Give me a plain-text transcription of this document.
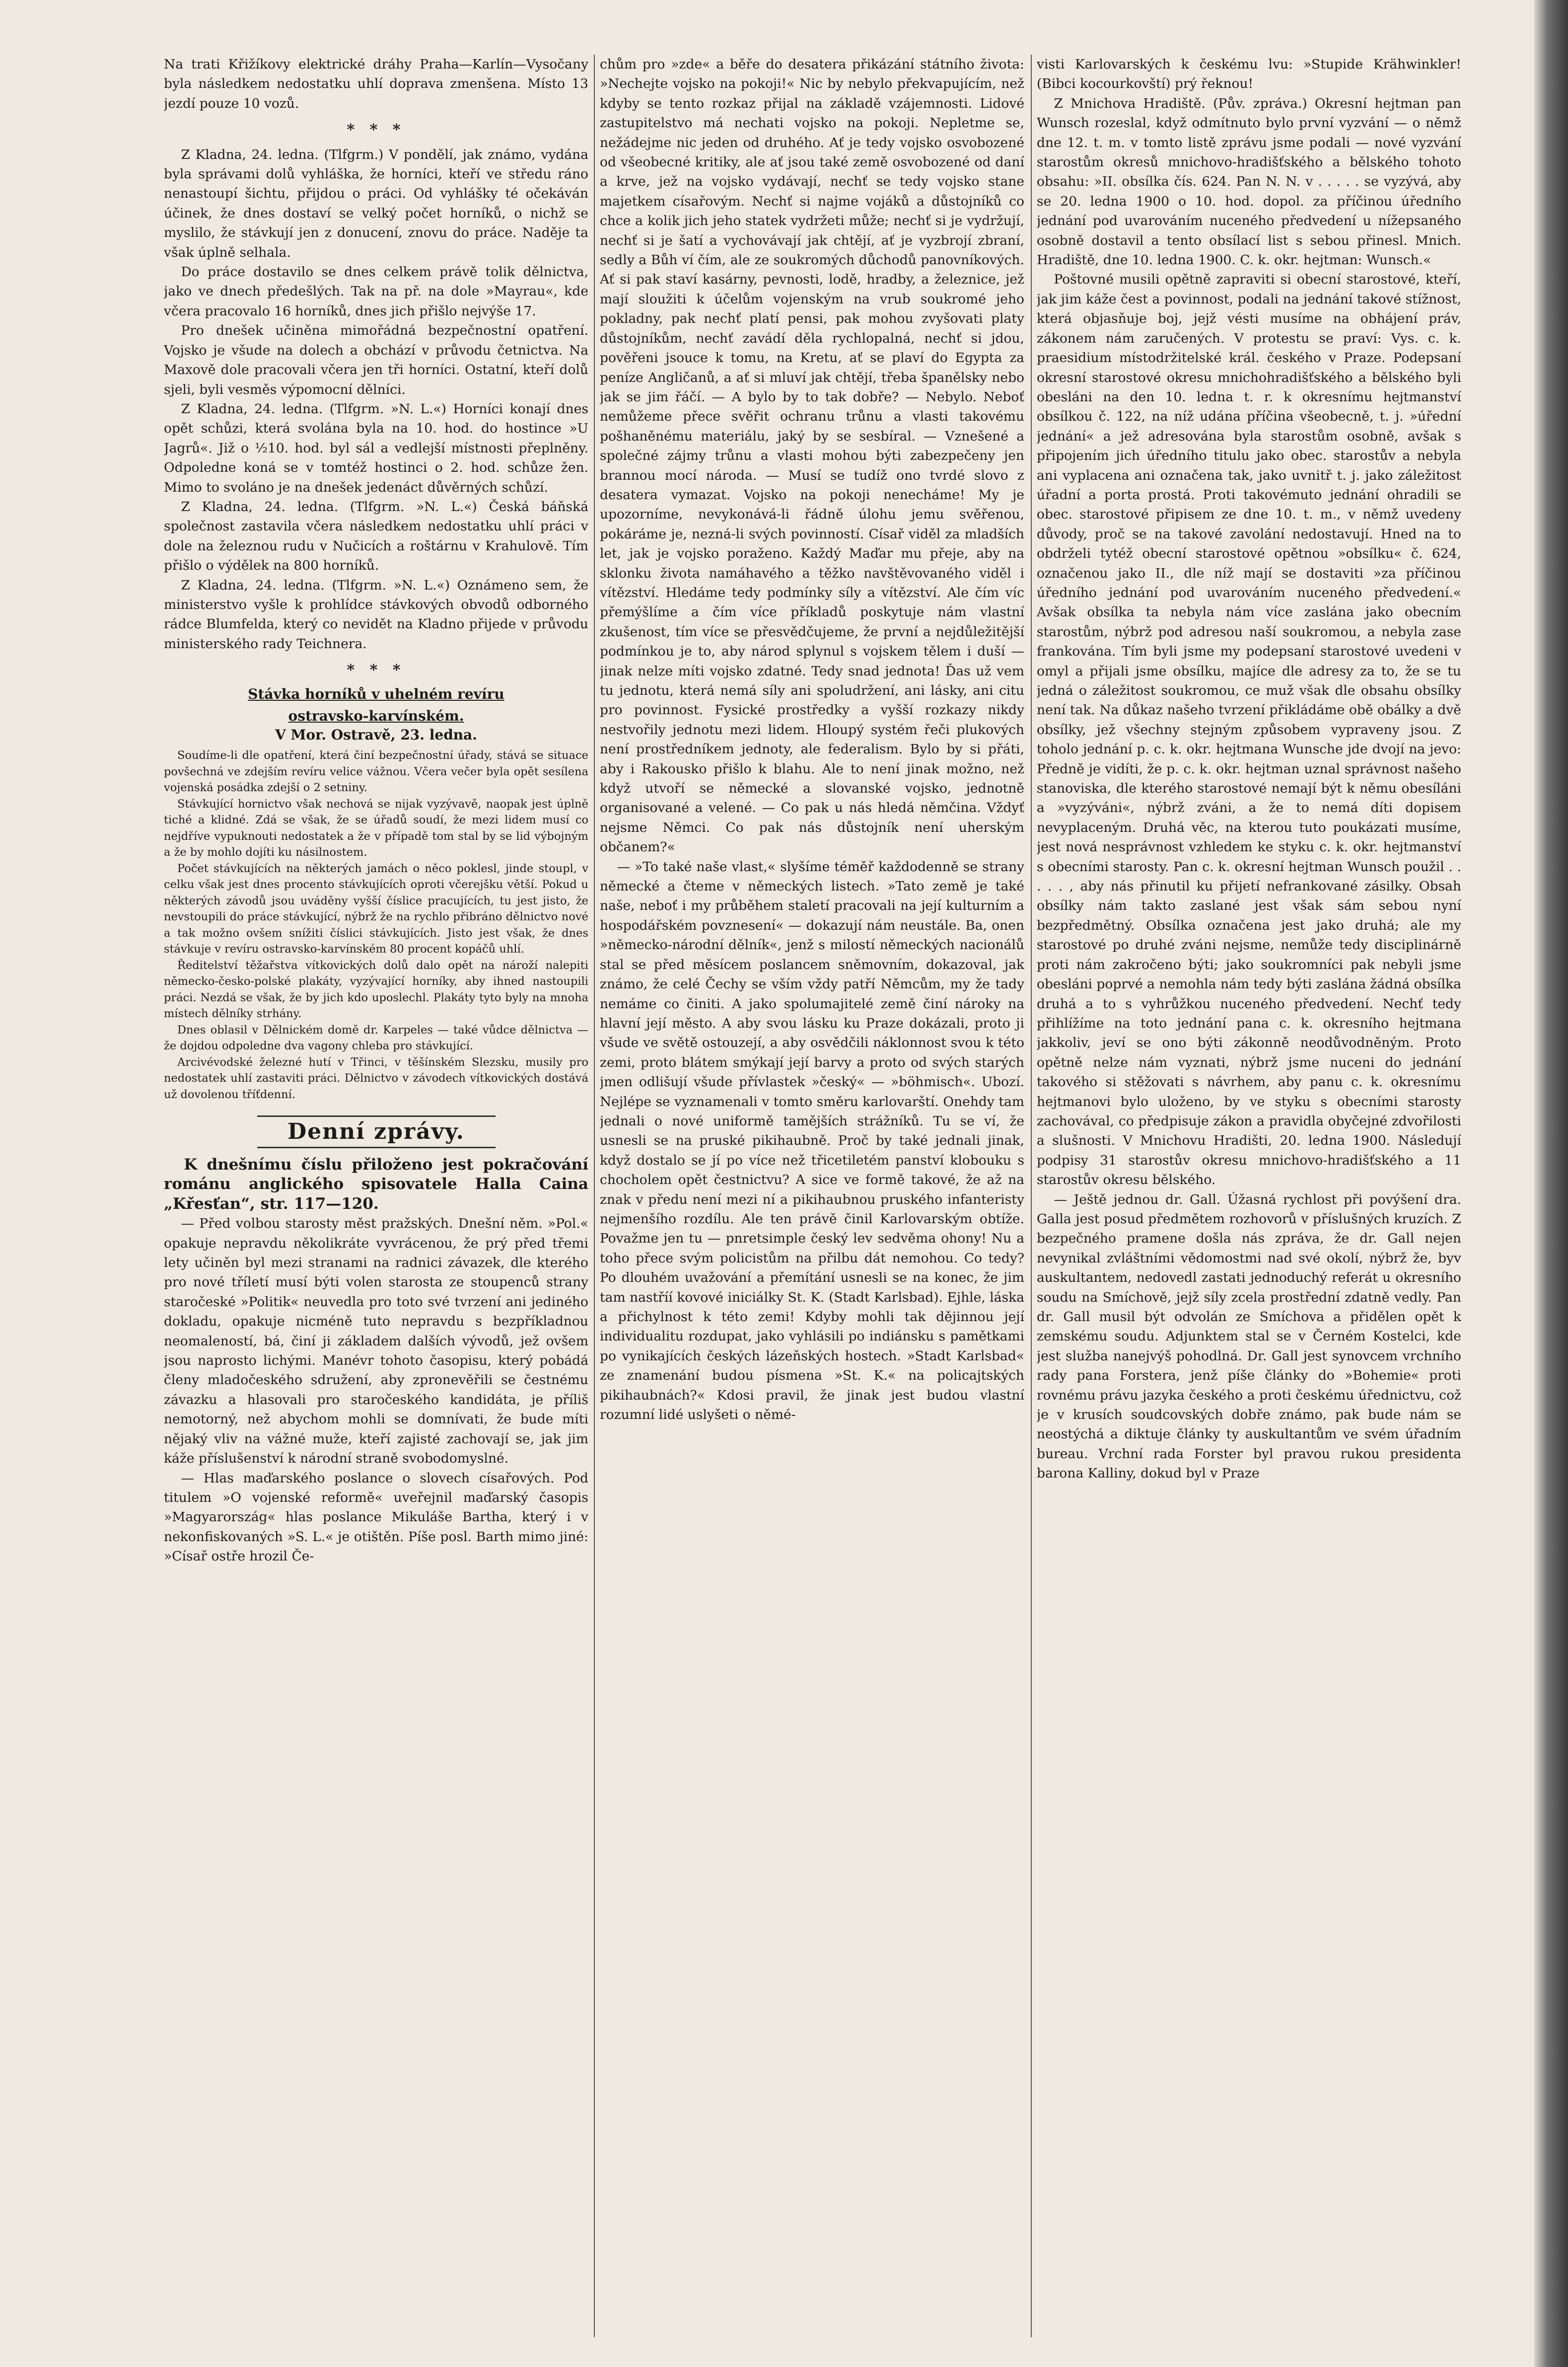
Na trati Křižíkovy elektrické dráhy Praha—Karlín—Vysočany byla následkem nedostatku uhlí doprava zmenšena. Místo 13 jezdí pouze 10 vozů.

* * *

Z Kladna, 24. ledna. (Tlfgrm.) V pondělí, jak známo, vydána byla správami dolů vyhláška, že horníci, kteří ve středu ráno nenastoupí šichtu, přijdou o práci. Od vyhlášky té očekáván účinek, že dnes dostaví se velký počet horníků, o nichž se myslilo, že stávkují jen z donucení, znovu do práce. Naděje ta však úplně selhala.

Do práce dostavilo se dnes celkem právě tolik dělnictva, jako ve dnech předešlých. Tak na př. na dole »Mayrau«, kde včera pracovalo 16 horníků, dnes jich přišlo nejvýše 17.

Pro dnešek učiněna mimořádná bezpečnostní opatření. Vojsko je všude na dolech a obchází v průvodu četnictva. Na Maxově dole pracovali včera jen tři horníci. Ostatní, kteří dolů sjeli, byli vesměs výpomocní dělníci.

Z Kladna, 24. ledna. (Tlfgrm. »N. L.«) Horníci konají dnes opět schůzi, která svolána byla na 10. hod. do hostince »U Jagrů«. Již o ½10. hod. byl sál a vedlejší místnosti přeplněny. Odpoledne koná se v tomtéž hostinci o 2. hod. schůze žen. Mimo to svoláno je na dnešek jedenáct důvěrných schůzí.

Z Kladna, 24. ledna. (Tlfgrm. »N. L.«) Česká báňská společnost zastavila včera následkem nedostatku uhlí práci v dole na železnou rudu v Nučicích a roštárnu v Krahulově. Tím přišlo o výdělek na 800 horníků.

Z Kladna, 24. ledna. (Tlfgrm. »N. L.«) Oznámeno sem, že ministerstvo vyšle k prohlídce stávkových obvodů odborného rádce Blumfelda, který co nevidět na Kladno přijede v průvodu ministerského rady Teichnera.

* * *
Stávka horníků v uhelném revíru
ostravsko-karvínském.
V Mor. Ostravě, 23. ledna.

Soudíme-li dle opatření, která činí bezpečnostní úřady, stává se situace povšechná ve zdejším revíru velice vážnou. Včera večer byla opět sesílena vojenská posádka zdejší o 2 setniny.

Stávkující hornictvo však nechová se nijak vyzývavě, naopak jest úplně tiché a klidné. Zdá se však, že se úřadů soudí, že mezi lidem musí co nejdříve vypuknouti nedostatek a že v případě tom stal by se lid výbojným a že by mohlo dojíti ku násilnostem.

Počet stávkujících na některých jamách o něco poklesl, jinde stoupl, v celku však jest dnes procento stávkujících oproti včerejšku větší. Pokud u některých závodů jsou uváděny vyšší číslice pracujících, tu jest jisto, že nevstoupili do práce stávkující, nýbrž že na rychlo přibráno dělnictvo nové a tak možno ovšem snížiti číslici stávkujících. Jisto jest však, že dnes stávkuje v revíru ostravsko-karvínském 80 procent kopáčů uhlí.

Ředitelství těžařstva vítkovických dolů dalo opět na nároží nalepiti německo-česko-polské plakáty, vyzývající horníky, aby ihned nastoupili práci. Nezdá se však, že by jich kdo uposlechl. Plakáty tyto byly na mnoha místech dělníky strhány.

Dnes oblasil v Dělnickém domě dr. Karpeles — také vůdce dělnictva — že dojdou odpoledne dva vagony chleba pro stávkující.

Arcivévodské železné hutí v Třinci, v těšínském Slezsku, musily pro nedostatek uhlí zastaviti práci. Dělnictvo v závodech vítkovických dostává už dovolenou tříťdenní.

Denní zprávy.

K dnešnímu číslu přiloženo jest pokračování románu anglického spisovatele Halla Caina „Křesťan“, str. 117—120.

— Před volbou starosty měst pražských. Dnešní něm. »Pol.« opakuje nepravdu několikráte vyvrácenou, že prý před třemi lety učiněn byl mezi stranami na radnici závazek, dle kterého pro nové tříletí musí býti volen starosta ze stoupenců strany staročeské »Politik« neuvedla pro toto své tvrzení ani jediného dokladu, opakuje nicméně tuto nepravdu s bezpříkladnou neomaleností, bá, činí ji základem dalších vývodů, jež ovšem jsou naprosto lichými. Manévr tohoto časopisu, který pobádá členy mladočeského sdružení, aby zpronevěřili se čestnému závazku a hlasovali pro staročeského kandidáta, je příliš nemotorný, než abychom mohli se domnívati, že bude míti nějaký vliv na vážné muže, kteří zajisté zachovají se, jak jim káže příslušenství k národní straně svobodomyslné.

— Hlas maďarského poslance o slovech císařových. Pod titulem »O vojenské reformě« uveřejnil maďarský časopis »Magyarország« hlas poslance Mikuláše Bartha, který i v nekonfiskovaných »S. L.« je otištěn. Píše posl. Barth mimo jiné: »Císař ostře hrozil Če-

chům pro »zde« a běře do desatera přikázání státního života: »Nechejte vojsko na pokoji!« Nic by nebylo překvapujícím, než kdyby se tento rozkaz přijal na základě vzájemnosti. Lidové zastupitelstvo má nechati vojsko na pokoji. Nepletme se, nežádejme nic jeden od druhého. Ať je tedy vojsko osvobozené od všeobecné kritiky, ale ať jsou také země osvobozené od daní a krve, jež na vojsko vydávají, nechť se tedy vojsko stane majetkem císařovým. Nechť si najme vojáků a důstojníků co chce a kolik jich jeho statek vydržeti může; nechť si je vydržují, nechť si je šatí a vychovávají jak chtějí, ať je vyzbrojí zbraní, sedly a Bůh ví čím, ale ze soukromých důchodů panovníkových. Ať si pak staví kasárny, pevnosti, lodě, hradby, a železnice, jež mají sloužiti k účelům vojenským na vrub soukromé jeho pokladny, pak nechť platí pensi, pak mohou zvyšovati platy důstojníkům, nechť zavádí děla rychlopalná, nechť si jdou, pověřeni jsouce k tomu, na Kretu, ať se plaví do Egypta za peníze Angličanů, a ať si mluví jak chtějí, třeba španělsky nebo jak se jim řáčí. — A bylo by to tak dobře? — Nebylo. Neboť nemůžeme přece svěřit ochranu trůnu a vlasti takovému pošhaněnému materiálu, jaký by se sesbíral. — Vznešené a společné zájmy trůnu a vlasti mohou býti zabezpečeny jen brannou mocí národa. — Musí se tudíž ono tvrdé slovo z desatera vymazat. Vojsko na pokoji nenecháme! My je upozorníme, nevykonává-li řádně úlohu jemu svěřenou, pokáráme je, nezná-li svých povinností. Císař viděl za mladších let, jak je vojsko poraženo. Každý Maďar mu přeje, aby na sklonku života namáhavého a těžko navštěvovaného viděl i vítězství. Hledáme tedy podmínky síly a vítězství. Ale čím víc přemýšlíme a čím více příkladů poskytuje nám vlastní zkušenost, tím více se přesvědčujeme, že první a nejdůležitější podmínkou je to, aby národ splynul s vojskem tělem i duší — jinak nelze míti vojsko zdatné. Tedy snad jednota! Ďas už vem tu jednotu, která nemá síly ani spoludržení, ani lásky, ani citu pro povinnost. Fysické prostředky a vyšší rozkazy nikdy nestvořily jednotu mezi lidem. Hloupý systém řeči plukových není prostředníkem jednoty, ale federalism. Bylo by si přáti, aby i Rakousko přišlo k blahu. Ale to není jinak možno, než když utvoří se německé a slovanské vojsko, jednotně organisované a velené. — Co pak u nás hledá němčina. Vždyť nejsme Němci. Co pak nás důstojník není uherským občanem?«

— »To také naše vlast,« slyšíme téměř každodenně se strany německé a čteme v německých listech. »Tato země je také naše, neboť i my průběhem staletí pracovali na její kulturním a hospodářském povznesení« — dokazují nám neustále. Ba, onen »německo-národní dělník«, jenž s milostí německých nacionálů stal se před měsícem poslancem sněmovním, dokazoval, jak známo, že celé Čechy se vším vždy patří Němcům, my že tady nemáme co činiti. A jako spolumajitelé země činí nároky na hlavní její město. A aby svou lásku ku Praze dokázali, proto ji všude ve světě ostouzejí, a aby osvědčili náklonnost svou k této zemi, proto blátem smýkají její barvy a proto od svých starých jmen odlišují všude přívlastek »český« — »böhmisch«. Ubozí. Nejlépe se vyznamenali v tomto směru karlovarští. Onehdy tam jednali o nové uniformě tamějších strážníků. Tu se ví, že usnesli se na pruské pikihaubně. Proč by také jednali jinak, když dostalo se jí po více než třicetiletém panství klobouku s chocholem opět čestnictvu? A sice ve formě takové, že až na znak v předu není mezi ní a pikihaubnou pruského infanteristy nejmenšího rozdílu. Ale ten právě činil Karlovarským obtíže. Považme jen tu — pnretsimple český lev sedvěma ohony! Nu a toho přece svým policistům na přilbu dát nemohou. Co tedy? Po dlouhém uvažování a přemítání usnesli se na konec, že jim tam nastříí kovové iniciálky St. K. (Stadt Karlsbad). Ejhle, láska a přichylnost k této zemi! Kdyby mohli tak dějinnou její individualitu rozdupat, jako vyhlásili po indiánsku s pamětkami po vynikajících českých lázeňských hostech. »Stadt Karlsbad« ze znamenání budou písmena »St. K.« na policajtských pikihaubnách?« Kdosi pravil, že jinak jest budou vlastní rozumní lidé uslyšeti o němé-

visti Karlovarských k českému lvu: »Stupide Krähwinkler! (Bibci kocourkovští) prý řeknou!

Z Mnichova Hradiště. (Pův. zpráva.) Okresní hejtman pan Wunsch rozeslal, když odmítnuto bylo první vyzvání — o němž dne 12. t. m. v tomto listě zprávu jsme podali — nové vyzvání starostům okresů mnichovo-hradišťského a bělského tohoto obsahu: »II. obsílka čís. 624. Pan N. N. v . . . . . se vyzývá, aby se 20. ledna 1900 o 10. hod. dopol. za příčinou úředního jednání pod uvarováním nuceného předvedení u nížepsaného osobně dostavil a tento obsílací list s sebou přinesl. Mnich. Hradiště, dne 10. ledna 1900. C. k. okr. hejtman: Wunsch.«

Poštovné musili opětně zapraviti si obecní starostové, kteří, jak jim káže čest a povinnost, podali na jednání takové stížnost, která objasňuje boj, jejž vésti musíme na obhájení práv, zákonem nám zaručených. V protestu se praví: Vys. c. k. praesidium místodržitelské král. českého v Praze. Podepsaní okresní starostové okresu mnichohradišťského a bělského byli obesláni na den 10. ledna t. r. k okresnímu hejtmanství obsílkou č. 122, na níž udána příčina všeobecně, t. j. »úřední jednání« a jež adresována byla starostům osobně, avšak s připojením jich úředního titulu jako obec. starostův a nebyla ani vyplacena ani označena tak, jako uvnitř t. j. jako záležitost úřadní a porta prostá. Proti takovémuto jednání ohradili se obec. starostové připisem ze dne 10. t. m., v němž uvedeny důvody, proč se na takové zavolání nedostavují. Hned na to obdrželi tytéž obecní starostové opětnou »obsílku« č. 624, označenou jako II., dle níž mají se dostaviti »za příčinou úředního jednání pod uvarováním nuceného předvedení.« Avšak obsílka ta nebyla nám více zaslána jako obecním starostům, nýbrž pod adresou naší soukromou, a nebyla zase frankována. Tím byli jsme my podepsaní starostové uvedeni v omyl a přijali jsme obsílku, majíce dle adresy za to, že se tu jedná o záležitost soukromou, ce muž však dle obsahu obsílky není tak. Na důkaz našeho tvrzení přikládáme obě obálky a dvě obsílky, jež všechny stejným způsobem vypraveny jsou. Z toholo jednání p. c. k. okr. hejtmana Wunsche jde dvojí na jevo: Předně je vidíti, že p. c. k. okr. hejtman uznal správnost našeho stanoviska, dle kterého starostové nemají být k němu obesíláni a »vyzýváni«, nýbrž zváni, a že to nemá díti dopisem nevyplaceným. Druhá věc, na kterou tuto poukázati musíme, jest nová nesprávnost vzhledem ke styku c. k. okr. hejtmanství s obecními starosty. Pan c. k. okresní hejtman Wunsch použil . . . . . , aby nás přinutil ku přijetí nefrankované zásilky. Obsah obsílky nám takto zaslané jest však sám sebou nyní bezpředmětný. Obsílka označena jest jako druhá; ale my starostové po druhé zváni nejsme, nemůže tedy disciplinárně proti nám zakročeno býti; jako soukromníci pak nebyli jsme obesláni poprvé a nemohla nám tedy býti zaslána žádná obsílka druhá a to s vyhrůžkou nuceného předvedení. Nechť tedy přihlížíme na toto jednání pana c. k. okresního hejtmana jakkoliv, jeví se ono býti zákonně neodůvodněným. Proto opětně nelze nám vyznati, nýbrž jsme nuceni do jednání takového si stěžovati s návrhem, aby panu c. k. okresnímu hejtmanovi bylo uloženo, by ve styku s obecními starosty zachovával, co předpisuje zákon a pravidla obyčejné zdvořilosti a slušnosti. V Mnichovu Hradišti, 20. ledna 1900. Následují podpisy 31 starostův okresu mnichovo-hradišťského a 11 starostův okresu bělského.

— Ještě jednou dr. Gall. Úžasná rychlost při povýšení dra. Galla jest posud předmětem rozhovorů v příslušných kruzích. Z bezpečného pramene došla nás zpráva, že dr. Gall nejen nevynikal zvláštními vědomostmi nad své okolí, nýbrž že, byv auskultantem, nedovedl zastati jednoduchý referát u okresního soudu na Smíchově, jejž síly zcela prostřední zdatně vedly. Pan dr. Gall musil být odvolán ze Smíchova a přidělen opět k zemskému soudu. Adjunktem stal se v Černém Kostelci, kde jest služba nanejvýš pohodlná. Dr. Gall jest synovcem vrchního rady pana Forstera, jenž píše články do »Bohemie« proti rovnému právu jazyka českého a proti českému úřednictvu, což je v krusích soudcovských dobře známo, pak bude nám se neostýchá a diktuje články ty auskultantům ve svém úřadním bureau. Vrchní rada Forster byl pravou rukou presidenta barona Kalliny, dokud byl v Praze
